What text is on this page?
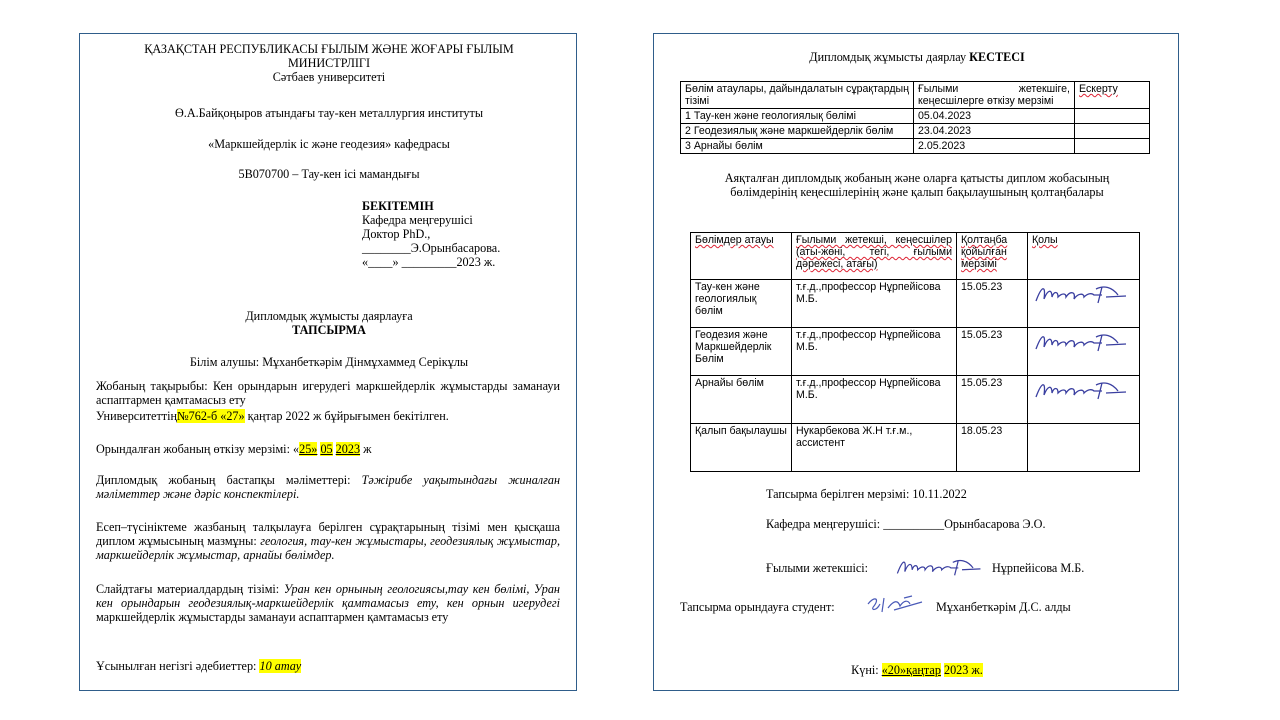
ҚАЗАҚСТАН РЕСПУБЛИКАСЫ ҒЫЛЫМ ЖӘНЕ ЖОҒАРЫ ҒЫЛЫМ
МИНИСТРЛІГІ
Сәтбаев университеті
Ө.А.Байқоңыров атындағы тау-кен металлургия институты
«Маркшейдерлік іс және геодезия» кафедрасы
5В070700 – Тау-кен ісі мамандығы
БЕКІТЕМІН
Кафедра меңгерушісі
Доктор PhD.,
________Э.Орынбасарова.
«____» _________2023 ж.
Дипломдық жұмысты даярлауға
ТАПСЫРМА
Білім алушы: Мұханбеткәрім Дінмұхаммед Серікұлы
Жобаның тақырыбы: Кен орындарын игерудегі маркшейдерлік жұмыстарды заманауи аспаптармен қамтамасыз ету
Университеттің№762-б «27» қаңтар 2022 ж бұйрығымен бекітілген.
Орындалған жобаның өткізу мерзімі: «25» 05 2023 ж
Дипломдық жобаның бастапқы мәліметтері: Тәжірибе уақытындағы жиналған мәліметтер және дәріс конспектілері.
Есеп–түсініктеме жазбаның талқылауға берілген сұрақтарының тізімі мен қысқаша диплом жұмысының мазмұны: геология, тау-кен жұмыстары, геодезиялық жұмыстар, маркшейдерлік жұмыстар, арнайы бөлімдер.
Слайдтағы материалдардың тізімі: Уран кен орнының геологиясы,тау кен бөлімі, Уран кен орындарын геодезиялық-маркшейдерлік қамтамасыз ету, кен орнын игерудегі маркшейдерлік жұмыстарды заманауи аспаптармен қамтамасыз ету
Ұсынылған негізгі әдебиеттер: 10 атау
Дипломдық жұмысты даярлау КЕСТЕСІ
Бөлім атаулары, дайындалатын сұрақтардың тізімі	Ғылыми жетекшіге, кеңесшілерге өткізу мерзімі	Ескерту
1 Тау-кен және геологиялық бөлімі	05.04.2023	
2 Геодезиялық және маркшейдерлік бөлім	23.04.2023	
3 Арнайы бөлім	2.05.2023	
Аяқталған дипломдық жобаның және оларға қатысты диплом жобасының бөлімдерінің кеңесшілерінің және қалып бақылаушының қолтаңбалары
Бөлімдер атауы	Ғылыми жетекші, кеңесшілер (аты-жөні, тегі, ғылыми дәрежесі, атағы)	Қолтаңба қойылған мерзімі	Қолы
Тау-кен және геологиялық бөлім	т.ғ.д.,профессор Нұрпейісова М.Б.	15.05.23	

Геодезия және Маркшейдерлік Бөлім	т.ғ.д.,профессор Нұрпейісова М.Б.	15.05.23	

Арнайы бөлім	т.ғ.д.,профессор Нұрпейісова М.Б.	15.05.23	

Қалып бақылаушы	Нукарбекова Ж.Н т.ғ.м., ассистент	18.05.23	
Тапсырма берілген мерзімі: 10.11.2022
Кафедра меңгерушісі: __________Орынбасарова Э.О.
Ғылыми жетекшісі:	Нұрпейісова М.Б.
Тапсырма орындауға студент:	Мұханбеткәрім Д.С. алды
Күні: «20»қаңтар 2023 ж.
